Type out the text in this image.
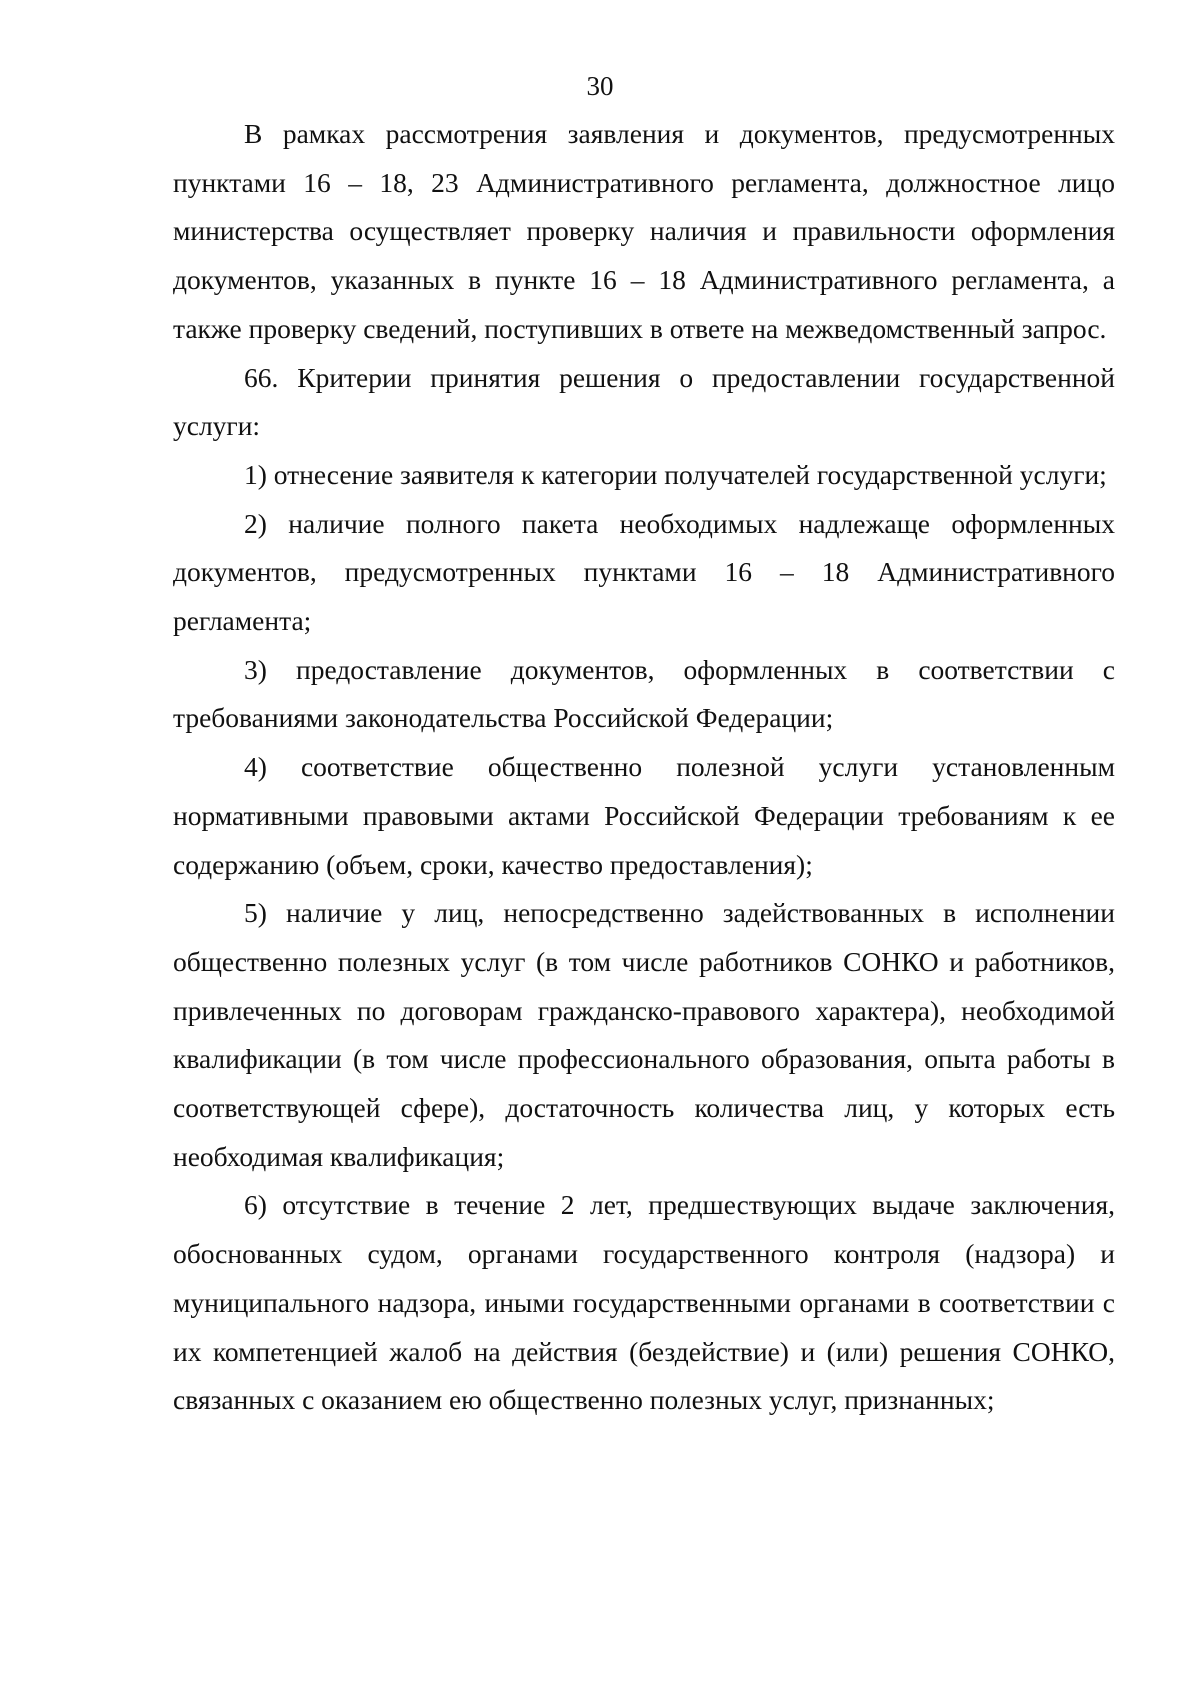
30

В рамках рассмотрения заявления и документов, предусмотренных пунктами 16 – 18, 23 Административного регламента, должностное лицо министерства осуществляет проверку наличия и правильности оформления документов, указанных в пункте 16 – 18 Административного регламента, а также проверку сведений, поступивших в ответе на межведомственный запрос.

66. Критерии принятия решения о предоставлении государственной услуги:

1) отнесение заявителя к категории получателей государственной услуги;

2) наличие полного пакета необходимых надлежаще оформленных документов, предусмотренных пунктами 16 – 18 Административного регламента;

3) предоставление документов, оформленных в соответствии с требованиями законодательства Российской Федерации;

4) соответствие общественно полезной услуги установленным нормативными правовыми актами Российской Федерации требованиям к ее содержанию (объем, сроки, качество предоставления);

5) наличие у лиц, непосредственно задействованных в исполнении общественно полезных услуг (в том числе работников СОНКО и работников, привлеченных по договорам гражданско-правового характера), необходимой квалификации (в том числе профессионального образования, опыта работы в соответствующей сфере), достаточность количества лиц, у которых есть необходимая квалификация;

6) отсутствие в течение 2 лет, предшествующих выдаче заключения, обоснованных судом, органами государственного контроля (надзора) и муниципального надзора, иными государственными органами в соответствии с их компетенцией жалоб на действия (бездействие) и (или) решения СОНКО, связанных с оказанием ею общественно полезных услуг, признанных;
